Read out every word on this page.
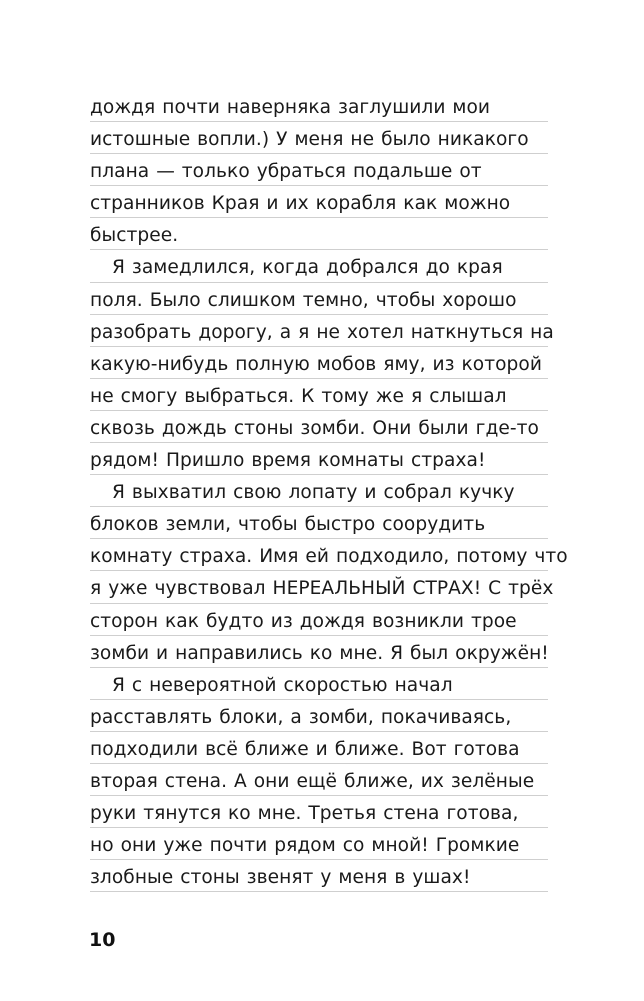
дождя почти наверняка заглушили мои
истошные вопли.) У меня не было никакого
плана — только убраться подальше от
странников Края и их корабля как можно
быстрее.
Я замедлился, когда добрался до края
поля. Было слишком темно, чтобы хорошо
разобрать дорогу, а я не хотел наткнуться на
какую-нибудь полную мобов яму, из которой
не смогу выбраться. К тому же я слышал
сквозь дождь стоны зомби. Они были где-то
рядом! Пришло время комнаты страха!
Я выхватил свою лопату и собрал кучку
блоков земли, чтобы быстро соорудить
комнату страха. Имя ей подходило, потому что
я уже чувствовал НЕРЕАЛЬНЫЙ СТРАХ! С трёх
сторон как будто из дождя возникли трое
зомби и направились ко мне. Я был окружён!
Я с невероятной скоростью начал
расставлять блоки, а зомби, покачиваясь,
подходили всё ближе и ближе. Вот готова
вторая стена. А они ещё ближе, их зелёные
руки тянутся ко мне. Третья стена готова,
но они уже почти рядом со мной! Громкие
злобные стоны звенят у меня в ушах!
10
